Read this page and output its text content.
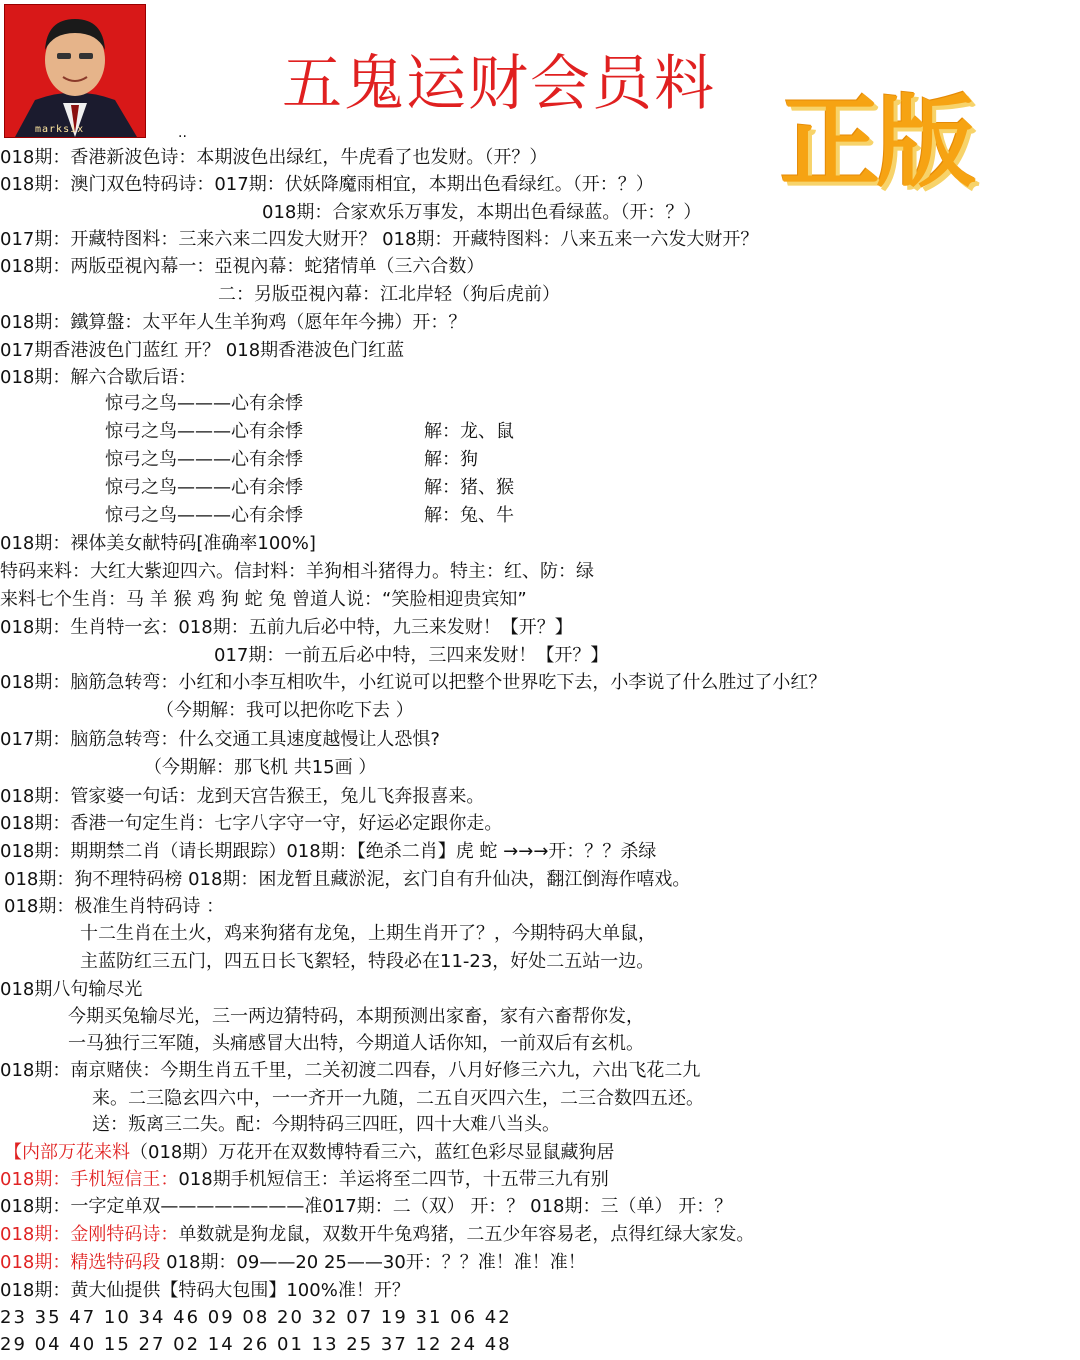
marksix
五鬼运财会员料 正版
..
018期：香港新波色诗：本期波色出绿红，牛虎看了也发财。（开？）
018期：澳门双色特码诗：017期：伏妖降魔雨相宜，本期出色看绿红。（开：？）
018期：合家欢乐万事发，本期出色看绿蓝。（开：？）
017期：开藏特图料：三来六来二四发大财开？ 018期：开藏特图料：八来五来一六发大财开？
018期：两版亞視內幕一：亞視內幕：蛇猪情单（三六合数）
二：另版亞視內幕：江北岸轻（狗后虎前）
018期：鐵算盤：太平年人生羊狗鸡（愿年年今拂）开：？
017期香港波色门蓝红 开？ 018期香港波色门红蓝
018期：解六合歇后语：
惊弓之鸟———心有余悸
惊弓之鸟———心有余悸	解：龙、鼠
惊弓之鸟———心有余悸	解：狗
惊弓之鸟———心有余悸	解：猪、猴
惊弓之鸟———心有余悸	解：兔、牛
018期：裸体美女献特码[准确率100%]
特码来料：大红大紫迎四六。信封料：羊狗相斗猪得力。特主：红、防：绿
来料七个生肖：马 羊 猴 鸡 狗 蛇 兔 曾道人说：“笑脸相迎贵宾知”
018期：生肖特一玄：018期：五前九后必中特，九三来发财！【开？】
017期：一前五后必中特，三四来发财！【开？】
018期：脑筋急转弯：小红和小李互相吹牛，小红说可以把整个世界吃下去，小李说了什么胜过了小红？
（今期解：我可以把你吃下去 ）
017期：脑筋急转弯：什么交通工具速度越慢让人恐惧?
（今期解：那飞机 共15画 ）
018期：管家婆一句话：龙到天宫告猴王，兔儿飞奔报喜来。
018期：香港一句定生肖：七字八字守一守，好运必定跟你走。
018期：期期禁二肖（请长期跟踪）018期：【绝杀二肖】虎 蛇 →→→开：？？杀绿
018期：狗不理特码榜 018期：困龙暂且藏淤泥，玄门自有升仙决，翻江倒海作嘻戏。
018期：极准生肖特码诗 ：
十二生肖在土火，鸡来狗猪有龙兔，上期生肖开了？，今期特码大单鼠，
主蓝防红三五门，四五日长飞絮轻，特段必在11-23，好处二五站一边。
018期八句输尽光
今期买兔输尽光，三一两边猜特码，本期预测出家畜，家有六畜帮你发，
一马独行三军随，头痛感冒大出特，今期道人话你知，一前双后有玄机。
018期：南京赌侠：今期生肖五千里，二关初渡二四春，八月好修三六九，六出飞花二九
来。二三隐玄四六中，一一齐开一九随，二五自灭四六生，二三合数四五还。
送：叛离三二失。配：今期特码三四旺，四十大难八当头。
【内部万花来料（018期）万花开在双数博特看三六，蓝红色彩尽显鼠藏狗居
018期：手机短信王：018期手机短信王：羊运将至二四节，十五带三九有别
018期：一字定单双————————准017期：二（双） 开：？ 018期：三（单） 开：？
018期：金刚特码诗：单数就是狗龙鼠，双数开牛兔鸡猪，二五少年容易老，点得红绿大家发。
018期：精选特码段 018期：09——20 25——30开：？？准！准！准！
018期：黄大仙提供【特码大包围】100%准！开？
23 35 47 10 34 46 09 08 20 32 07 19 31 06 42
29 04 40 15 27 02 14 26 01 13 25 37 12 24 48
